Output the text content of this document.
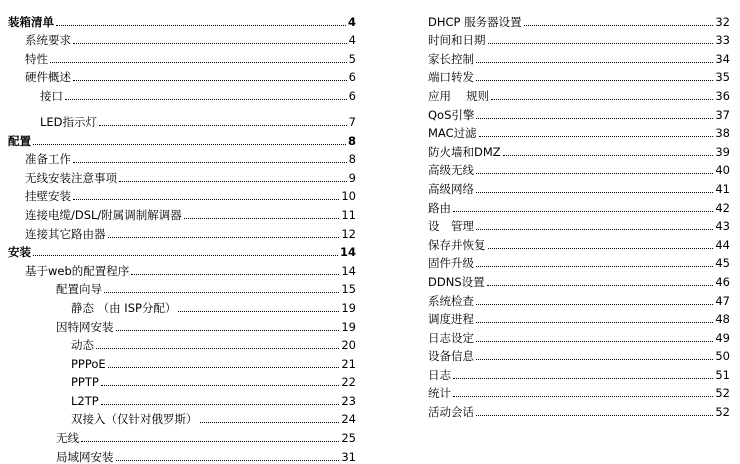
装箱清单	4
系统要求	4
特性	5
硬件概述	6
接口	6
LED指示灯	7
配置	8
准备工作	8
无线安装注意事项	9
挂壁安装	10
连接电缆/DSL/附属调制解调器	11
连接其它路由器	12
安装	14
基于web的配置程序	14
配置向导	15
静态 （由 ISP分配）	19
因特网安装	19
动态	20
PPPoE	21
PPTP	22
L2TP	23
双接入（仅针对俄罗斯）	24
无线	25
局域网安装	31
DHCP 服务器设置	32
时间和日期	33
家长控制	34
端口转发	35
应用　 规则	36
QoS引擎	37
MAC过滤	38
防火墙和DMZ	39
高级无线	40
高级网络	41
路由	42
设　管理	43
保存并恢复	44
固件升级	45
DDNS设置	46
系统检查	47
调度进程	48
日志设定	49
设备信息	50
日志	51
统计	52
活动会话	52
